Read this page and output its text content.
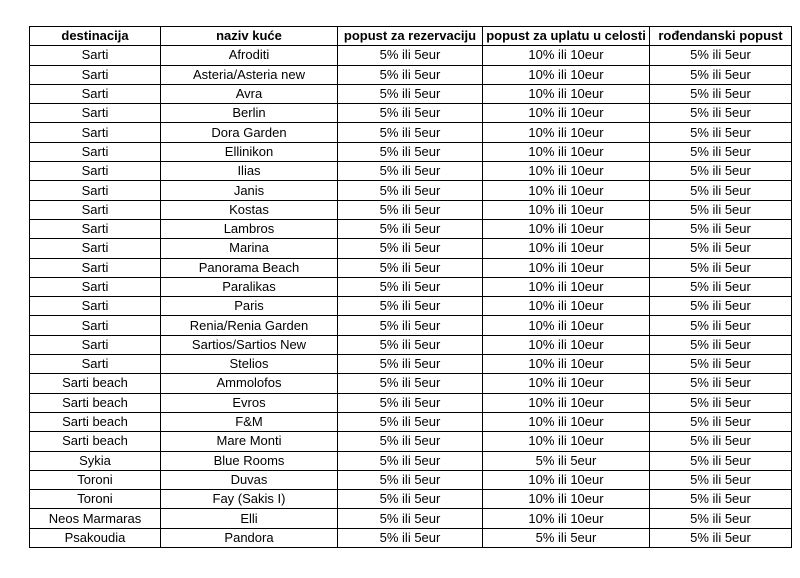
destinacija	naziv kuće	popust za rezervaciju	popust za uplatu u celosti	rođendanski popust
Sarti	Afroditi	5% ili 5eur	10% ili 10eur	5% ili 5eur
Sarti	Asteria/Asteria new	5% ili 5eur	10% ili 10eur	5% ili 5eur
Sarti	Avra	5% ili 5eur	10% ili 10eur	5% ili 5eur
Sarti	Berlin	5% ili 5eur	10% ili 10eur	5% ili 5eur
Sarti	Dora Garden	5% ili 5eur	10% ili 10eur	5% ili 5eur
Sarti	Ellinikon	5% ili 5eur	10% ili 10eur	5% ili 5eur
Sarti	Ilias	5% ili 5eur	10% ili 10eur	5% ili 5eur
Sarti	Janis	5% ili 5eur	10% ili 10eur	5% ili 5eur
Sarti	Kostas	5% ili 5eur	10% ili 10eur	5% ili 5eur
Sarti	Lambros	5% ili 5eur	10% ili 10eur	5% ili 5eur
Sarti	Marina	5% ili 5eur	10% ili 10eur	5% ili 5eur
Sarti	Panorama Beach	5% ili 5eur	10% ili 10eur	5% ili 5eur
Sarti	Paralikas	5% ili 5eur	10% ili 10eur	5% ili 5eur
Sarti	Paris	5% ili 5eur	10% ili 10eur	5% ili 5eur
Sarti	Renia/Renia Garden	5% ili 5eur	10% ili 10eur	5% ili 5eur
Sarti	Sartios/Sartios New	5% ili 5eur	10% ili 10eur	5% ili 5eur
Sarti	Stelios	5% ili 5eur	10% ili 10eur	5% ili 5eur
Sarti beach	Ammolofos	5% ili 5eur	10% ili 10eur	5% ili 5eur
Sarti beach	Evros	5% ili 5eur	10% ili 10eur	5% ili 5eur
Sarti beach	F&M	5% ili 5eur	10% ili 10eur	5% ili 5eur
Sarti beach	Mare Monti	5% ili 5eur	10% ili 10eur	5% ili 5eur
Sykia	Blue Rooms	5% ili 5eur	5% ili 5eur	5% ili 5eur
Toroni	Duvas	5% ili 5eur	10% ili 10eur	5% ili 5eur
Toroni	Fay (Sakis I)	5% ili 5eur	10% ili 10eur	5% ili 5eur
Neos Marmaras	Elli	5% ili 5eur	10% ili 10eur	5% ili 5eur
Psakoudia	Pandora	5% ili 5eur	5% ili 5eur	5% ili 5eur
